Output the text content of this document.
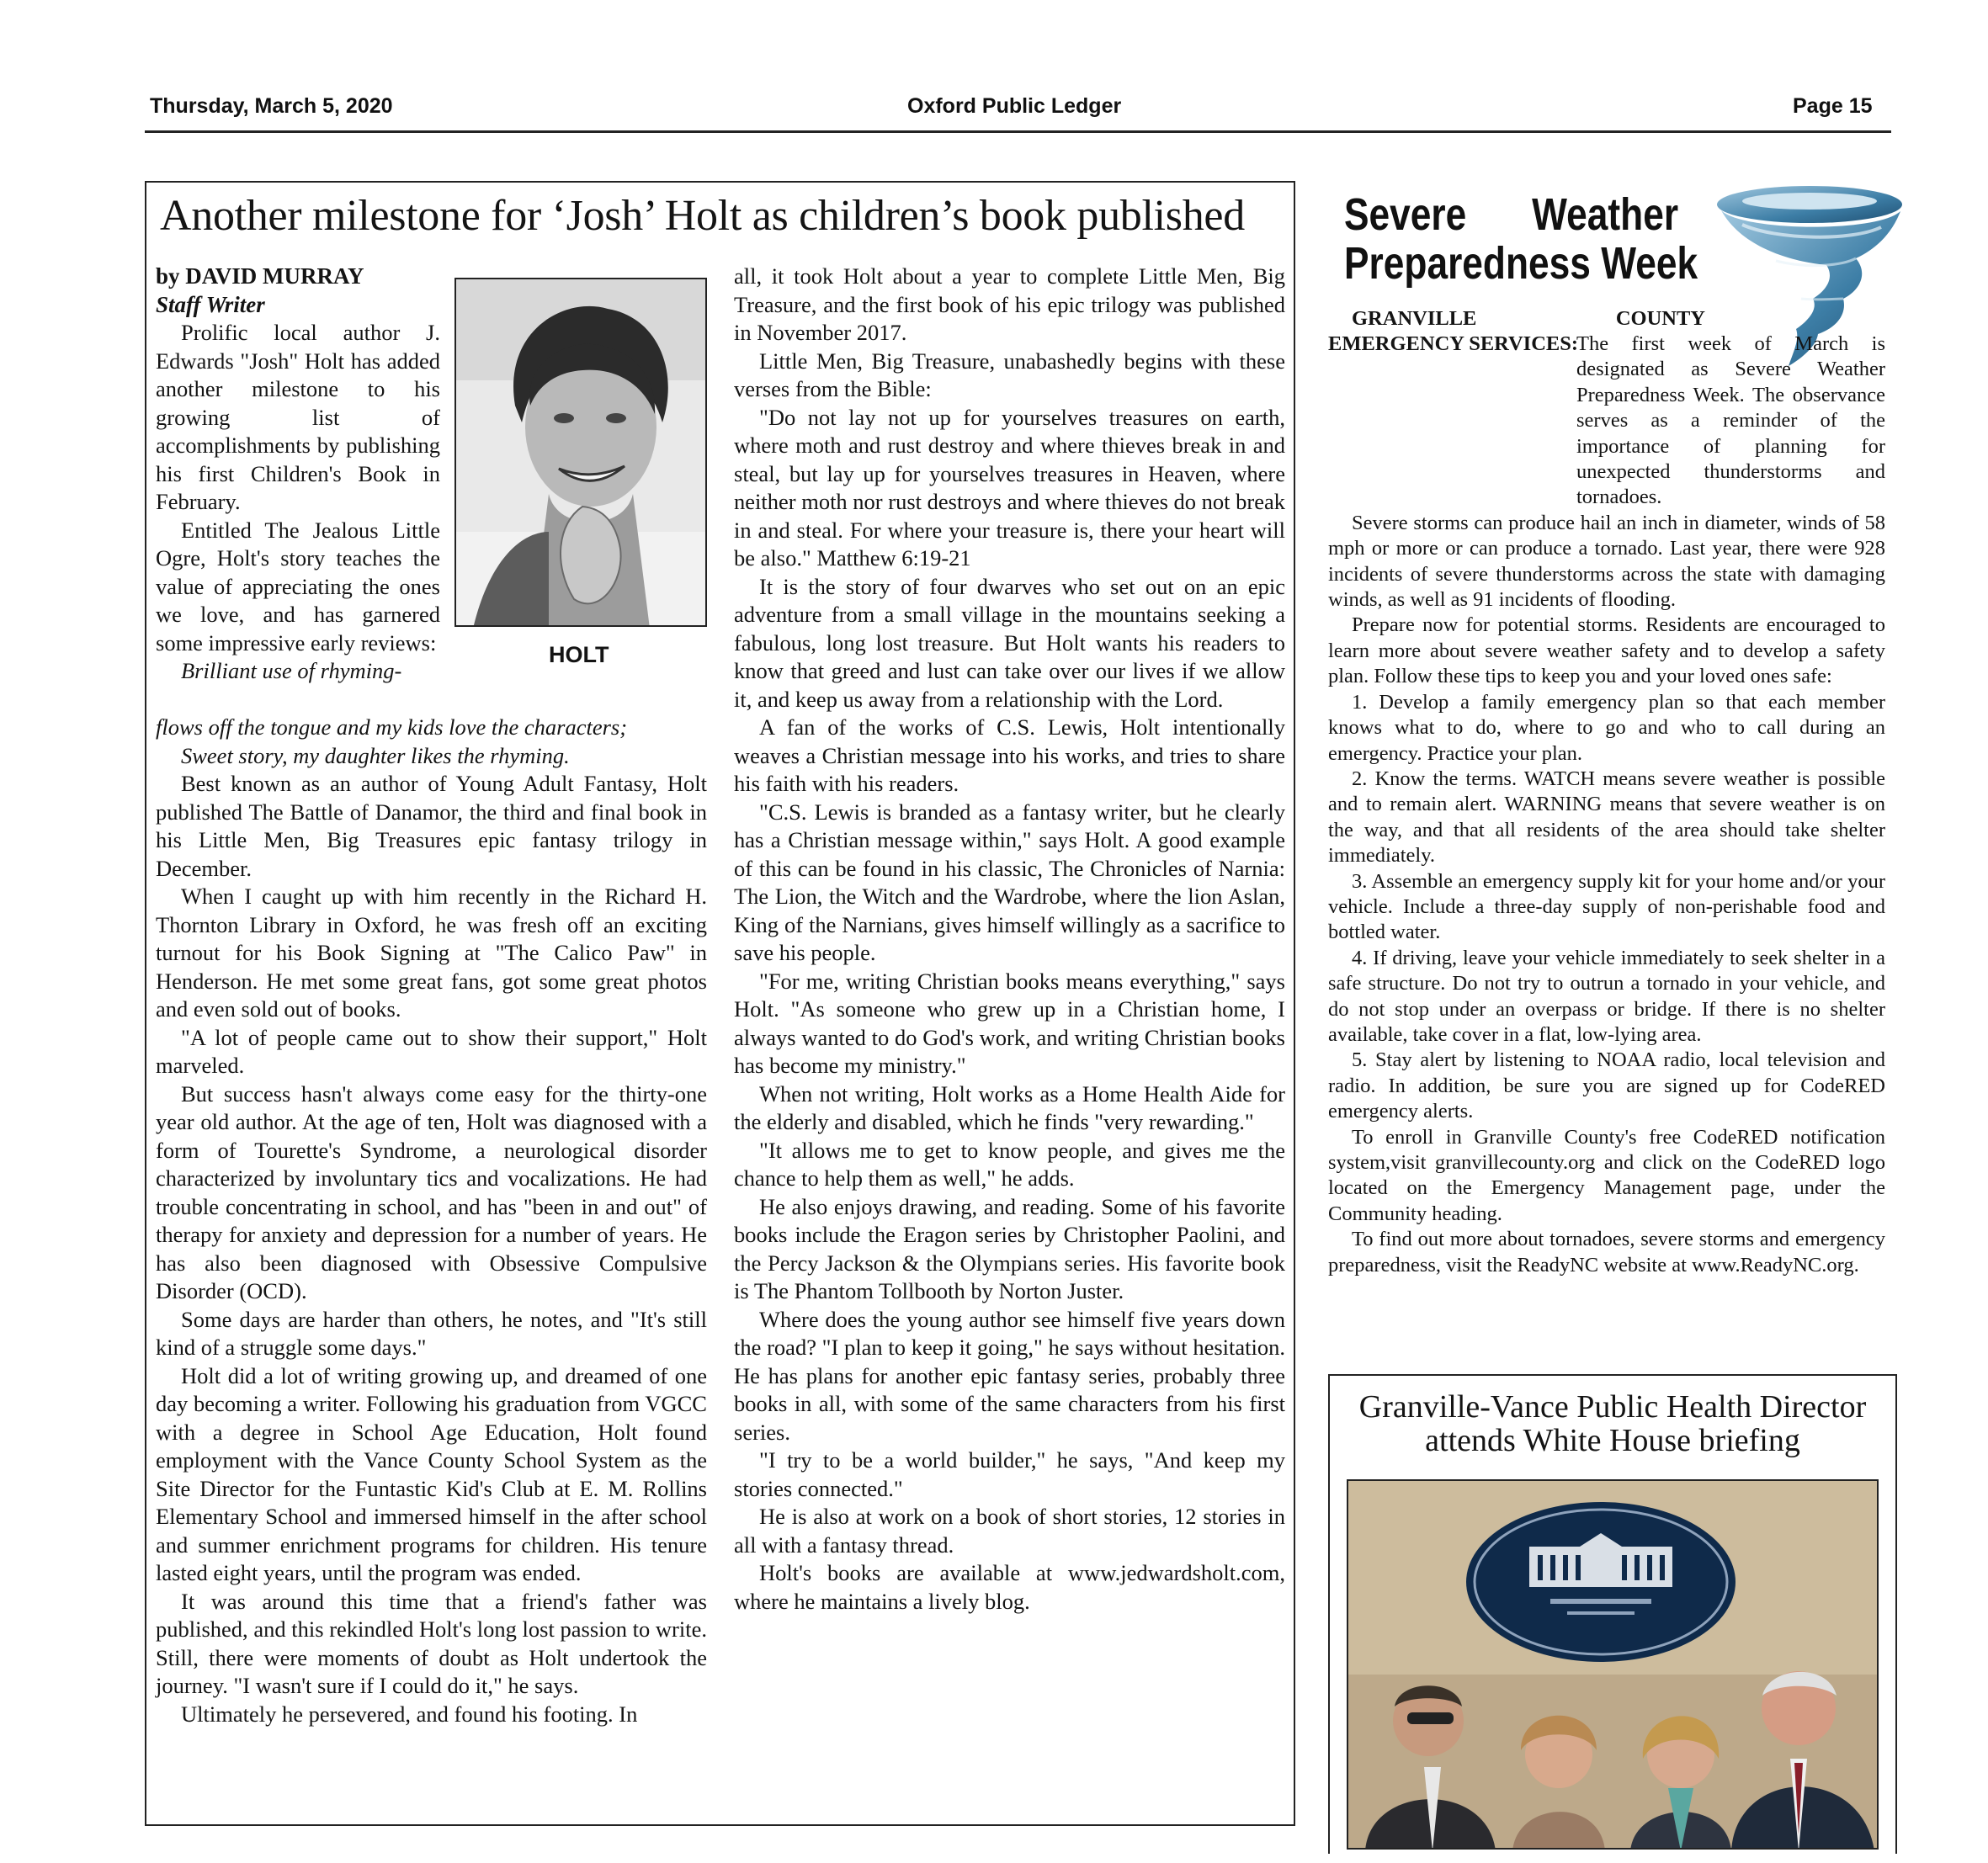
Thursday, March 5, 2020	Oxford Public Ledger	Page 15
Another milestone for ‘Josh’ Holt as children’s book published
HOLT
by DAVID MURRAY
Staff Writer

Prolific local author J. Edwards "Josh" Holt has added another milestone to his growing list of accomplishments by publishing his first Children's Book in February.

Entitled The Jealous Little Ogre, Holt's story teaches the value of appreciating the ones we love, and has garnered some impressive early reviews:

Brilliant use of rhyming-

flows off the tongue and my kids love the characters;

Sweet story, my daughter likes the rhyming.

Best known as an author of Young Adult Fantasy, Holt published The Battle of Danamor, the third and final book in his Little Men, Big Treasures epic fantasy trilogy in December.

When I caught up with him recently in the Richard H. Thornton Library in Oxford, he was fresh off an exciting turnout for his Book Signing at "The Calico Paw" in Henderson. He met some great fans, got some great photos and even sold out of books.

"A lot of people came out to show their support," Holt marveled.

But success hasn't always come easy for the thirty-one year old author. At the age of ten, Holt was diagnosed with a form of Tourette's Syndrome, a neurological disorder characterized by involuntary tics and vocalizations. He had trouble concentrating in school, and has "been in and out" of therapy for anxiety and depression for a number of years. He has also been diagnosed with Obsessive Compulsive Disorder (OCD).

Some days are harder than others, he notes, and "It's still kind of a struggle some days."

Holt did a lot of writing growing up, and dreamed of one day becoming a writer. Following his graduation from VGCC with a degree in School Age Education, Holt found employment with the Vance County School System as the Site Director for the Funtastic Kid's Club at E. M. Rollins Elementary School and immersed himself in the after school and summer enrichment programs for children. His tenure lasted eight years, until the program was ended.

It was around this time that a friend's father was published, and this rekindled Holt's long lost passion to write. Still, there were moments of doubt as Holt undertook the journey. "I wasn't sure if I could do it," he says.

Ultimately he persevered, and found his footing. In

all, it took Holt about a year to complete Little Men, Big Treasure, and the first book of his epic trilogy was published in November 2017.

Little Men, Big Treasure, unabashedly begins with these verses from the Bible:

"Do not lay not up for yourselves treasures on earth, where moth and rust destroy and where thieves break in and steal, but lay up for yourselves treasures in Heaven, where neither moth nor rust destroys and where thieves do not break in and steal. For where your treasure is, there your heart will be also." Matthew 6:19-21

It is the story of four dwarves who set out on an epic adventure from a small village in the mountains seeking a fabulous, long lost treasure. But Holt wants his readers to know that greed and lust can take over our lives if we allow it, and keep us away from a relationship with the Lord.

A fan of the works of C.S. Lewis, Holt intentionally weaves a Christian message into his works, and tries to share his faith with his readers.

"C.S. Lewis is branded as a fantasy writer, but he clearly has a Christian message within," says Holt. A good example of this can be found in his classic, The Chronicles of Narnia: The Lion, the Witch and the Wardrobe, where the lion Aslan, King of the Narnians, gives himself willingly as a sacrifice to save his people.

"For me, writing Christian books means everything," says Holt. "As someone who grew up in a Christian home, I always wanted to do God's work, and writing Christian books has become my ministry."

When not writing, Holt works as a Home Health Aide for the elderly and disabled, which he finds "very rewarding."

"It allows me to get to know people, and gives me the chance to help them as well," he adds.

He also enjoys drawing, and reading. Some of his favorite books include the Eragon series by Christopher Paolini, and the Percy Jackson & the Olympians series. His favorite book is The Phantom Tollbooth by Norton Juster.

Where does the young author see himself five years down the road? "I plan to keep it going," he says without hesitation. He has plans for another epic fantasy series, probably three books in all, with some of the same characters from his first series.

"I try to be a world builder," he says, "And keep my stories connected."

He is also at work on a book of short stories, 12 stories in all with a fantasy thread.

Holt's books are available at www.jedwardsholt.com, where he maintains a lively blog.

Severe Weather
Preparedness Week

GRANVILLE COUNTY EMERGENCY SERVICES:

The first week of March is designated as Severe Weather Preparedness Week. The observance serves as a reminder of the importance of planning for unexpected thunderstorms and tornadoes.

Severe storms can produce hail an inch in diameter, winds of 58 mph or more or can produce a tornado. Last year, there were 928 incidents of severe thunderstorms across the state with damaging winds, as well as 91 incidents of flooding.

Prepare now for potential storms. Residents are encouraged to learn more about severe weather safety and to develop a safety plan. Follow these tips to keep you and your loved ones safe:

1. Develop a family emergency plan so that each member knows what to do, where to go and who to call during an emergency. Practice your plan.

2. Know the terms. WATCH means severe weather is possible and to remain alert. WARNING means that severe weather is on the way, and that all residents of the area should take shelter immediately.

3. Assemble an emergency supply kit for your home and/or your vehicle. Include a three-day supply of non-perishable food and bottled water.

4. If driving, leave your vehicle immediately to seek shelter in a safe structure. Do not try to outrun a tornado in your vehicle, and do not stop under an overpass or bridge. If there is no shelter available, take cover in a flat, low-lying area.

5. Stay alert by listening to NOAA radio, local television and radio. In addition, be sure you are signed up for CodeRED emergency alerts.

To enroll in Granville County's free CodeRED notification system,visit granvillecounty.org and click on the CodeRED logo located on the Emergency Management page, under the Community heading.

To find out more about tornadoes, severe storms and emergency preparedness, visit the ReadyNC website at www.ReadyNC.org.

Granville-Vance Public Health Director
attends White House briefing
